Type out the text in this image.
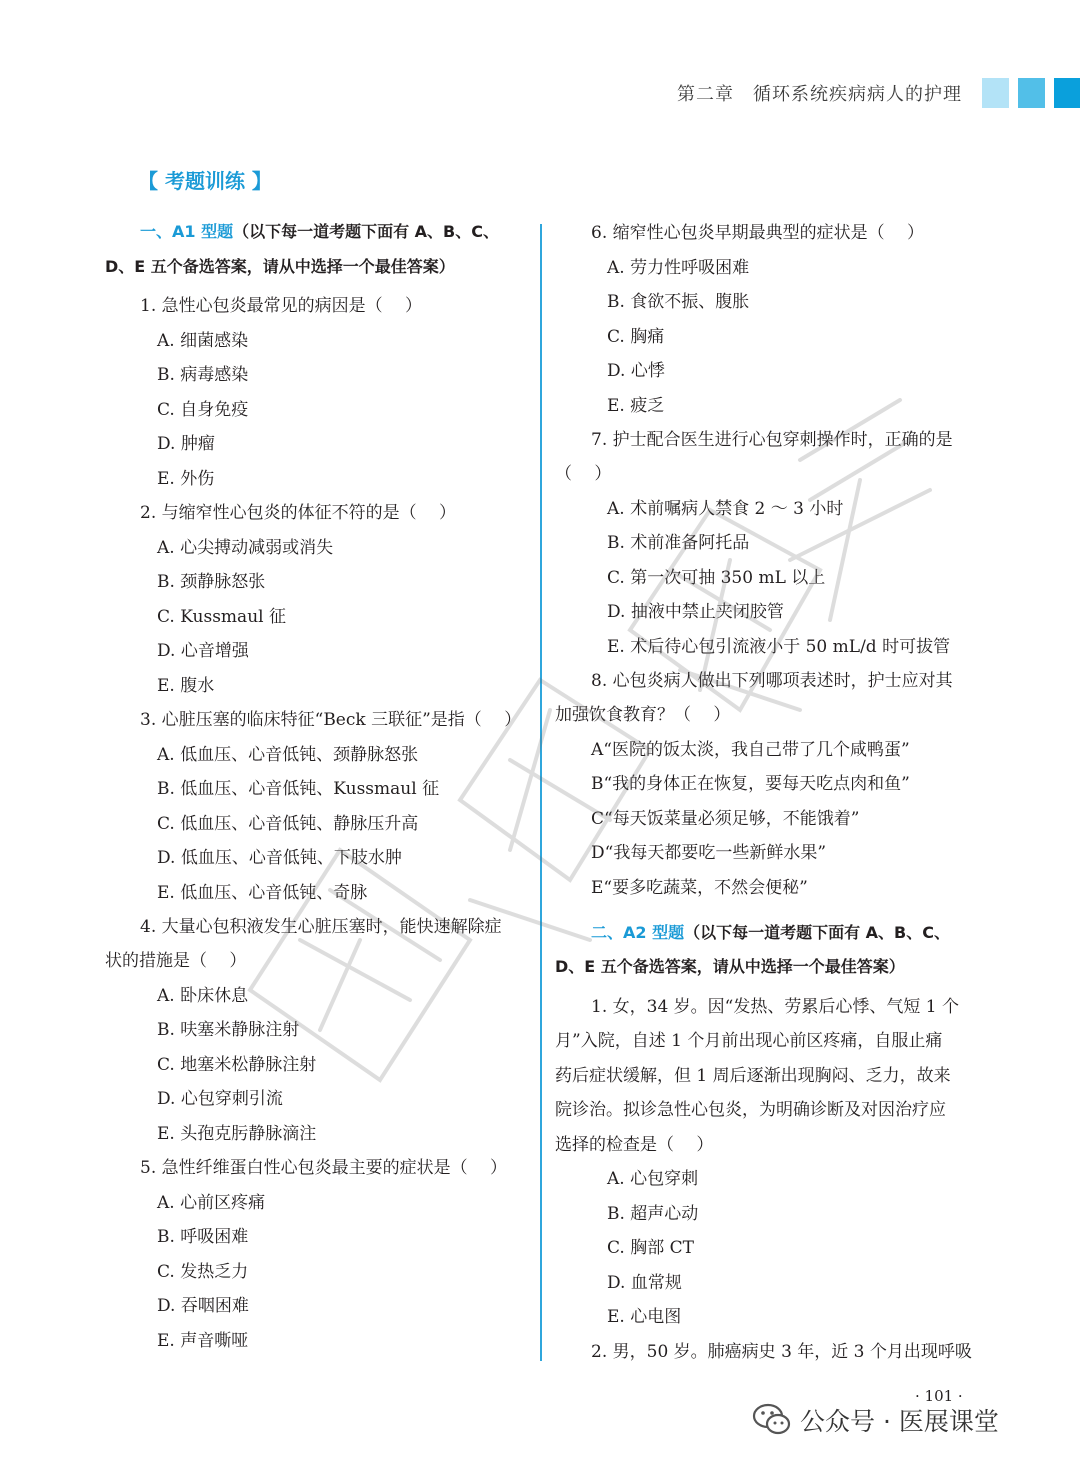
第二章　循环系统疾病病人的护理
【 考题训练 】
一、A1 型题（以下每一道考题下面有 A、B、C、
D、E 五个备选答案，请从中选择一个最佳答案）
1. 急性心包炎最常见的病因是（　 ）
A. 细菌感染
B. 病毒感染
C. 自身免疫
D. 肿瘤
E. 外伤
2. 与缩窄性心包炎的体征不符的是（　 ）
A. 心尖搏动减弱或消失
B. 颈静脉怒张
C. Kussmaul 征
D. 心音增强
E. 腹水
3. 心脏压塞的临床特征“Beck 三联征”是指（　 ）
A. 低血压、心音低钝、颈静脉怒张
B. 低血压、心音低钝、Kussmaul 征
C. 低血压、心音低钝、静脉压升高
D. 低血压、心音低钝、下肢水肿
E. 低血压、心音低钝、奇脉
4. 大量心包积液发生心脏压塞时，能快速解除症
状的措施是（　 ）
A. 卧床休息
B. 呋塞米静脉注射
C. 地塞米松静脉注射
D. 心包穿刺引流
E. 头孢克肟静脉滴注
5. 急性纤维蛋白性心包炎最主要的症状是（　 ）
A. 心前区疼痛
B. 呼吸困难
C. 发热乏力
D. 吞咽困难
E. 声音嘶哑
6. 缩窄性心包炎早期最典型的症状是（　 ）
A. 劳力性呼吸困难
B. 食欲不振、腹胀
C. 胸痛
D. 心悸
E. 疲乏
7. 护士配合医生进行心包穿刺操作时，正确的是
（　 ）
A. 术前嘱病人禁食 2 ～ 3 小时
B. 术前准备阿托品
C. 第一次可抽 350 mL 以上
D. 抽液中禁止夹闭胶管
E. 术后待心包引流液小于 50 mL/d 时可拔管
8. 心包炎病人做出下列哪项表述时，护士应对其
加强饮食教育？（　 ）
A“医院的饭太淡，我自己带了几个咸鸭蛋”
B“我的身体正在恢复，要每天吃点肉和鱼”
C“每天饭菜量必须足够，不能饿着”
D“我每天都要吃一些新鲜水果”
E“要多吃蔬菜，不然会便秘”
二、A2 型题（以下每一道考题下面有 A、B、C、
D、E 五个备选答案，请从中选择一个最佳答案）
1. 女，34 岁。因“发热、劳累后心悸、气短 1 个
月”入院，自述 1 个月前出现心前区疼痛，自服止痛
药后症状缓解，但 1 周后逐渐出现胸闷、乏力，故来
院诊治。拟诊急性心包炎，为明确诊断及对因治疗应
选择的检查是（　 ）
A. 心包穿刺
B. 超声心动
C. 胸部 CT
D. 血常规
E. 心电图
2. 男，50 岁。肺癌病史 3 年，近 3 个月出现呼吸
· 101 ·
公众号 · 医展课堂
